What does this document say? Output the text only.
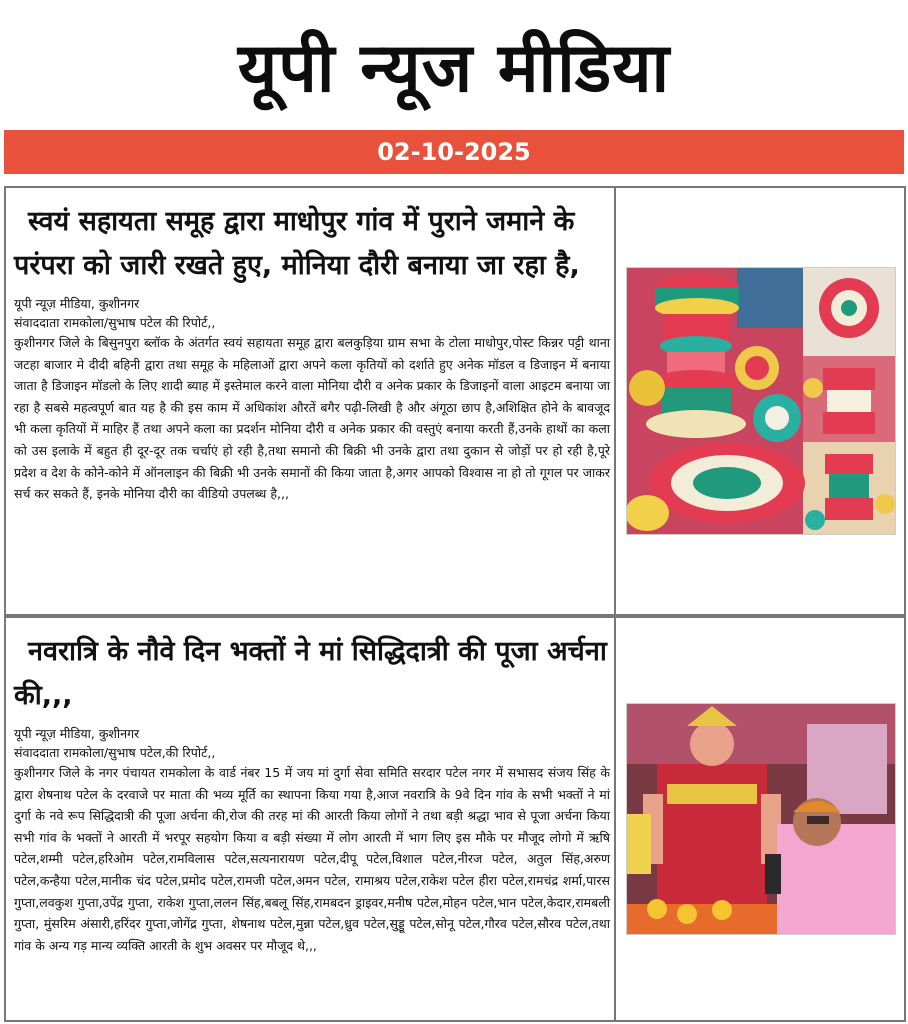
यूपी न्यूज मीडिया
02-10-2025
स्वयं सहायता समूह द्वारा माधोपुर गांव में पुराने जमाने के परंपरा को जारी रखते हुए, मोनिया दौरी बनाया जा रहा है,
यूपी न्यूज़ मीडिया, कुशीनगर
संवाददाता रामकोला/सुभाष पटेल की रिपोर्ट,,
कुशीनगर जिले के बिसुनपुरा ब्लॉक के अंतर्गत स्वयं सहायता समूह द्वारा बलकुड़िया ग्राम सभा के टोला माधोपुर,पोस्ट किन्नर पट्टी थाना जटहा बाजार मे दीदी बहिनी द्वारा तथा समूह के महिलाओं द्वारा अपने कला कृतियों को दर्शाते हुए अनेक मॉडल व डिजाइन में बनाया जाता है डिजाइन मॉडलो के लिए शादी ब्याह में इस्तेमाल करने वाला मोनिया दौरी व अनेक प्रकार के डिजाइनों वाला आइटम बनाया जा रहा है सबसे महत्वपूर्ण बात यह है की इस काम में अधिकांश औरतें बगैर पढ़ी-लिखी है और अंगूठा छाप है,अशिक्षित होने के बावजूद भी कला कृतियों में माहिर हैं तथा अपने कला का प्रदर्शन मोनिया दौरी व अनेक प्रकार की वस्तुएं बनाया करती हैं,उनके हाथों का कला को उस इलाके में बहुत ही दूर-दूर तक चर्चाएं हो रही है,तथा समानो की बिक्री भी उनके द्वारा तथा दुकान से जोड़ों पर हो रही है,पूरे प्रदेश व देश के कोने-कोने में ऑनलाइन की बिक्री भी उनके समानों की किया जाता है,अगर आपको विश्वास ना हो तो गूगल पर जाकर सर्च कर सकते हैं, इनके मोनिया दौरी का वीडियो उपलब्ध है,,,
नवरात्रि के नौवे दिन भक्तों ने मां सिद्धिदात्री की पूजा अर्चना की,,,
यूपी न्यूज़ मीडिया, कुशीनगर
संवाददाता रामकोला/सुभाष पटेल,की रिपोर्ट,,
कुशीनगर जिले के नगर पंचायत रामकोला के वार्ड नंबर 15 में जय मां दुर्गा सेवा समिति सरदार पटेल नगर में सभासद संजय सिंह के द्वारा शेषनाथ पटेल के दरवाजे पर माता की भव्य मूर्ति का स्थापना किया गया है,आज नवरात्रि के 9वे दिन गांव के सभी भक्तों ने मां दुर्गा के नवे रूप सिद्धिदात्री की पूजा अर्चना की,रोज की तरह मां की आरती किया लोगों ने तथा बड़ी श्रद्धा भाव से पूजा अर्चना किया सभी गांव के भक्तों ने आरती में भरपूर सहयोग किया व बड़ी संख्या में लोग आरती में भाग लिए इस मौके पर मौजूद लोगो में ऋषि पटेल,शम्मी पटेल,हरिओम पटेल,रामविलास पटेल,सत्यनारायण पटेल,दीपू पटेल,विशाल पटेल,नीरज पटेल, अतुल सिंह,अरुण पटेल,कन्हैया पटेल,मानीक चंद पटेल,प्रमोद पटेल,रामजी पटेल,अमन पटेल, रामाश्रय पटेल,राकेश पटेल हीरा पटेल,रामचंद्र शर्मा,पारस गुप्ता,लवकुश गुप्ता,उपेंद्र गुप्ता, राकेश गुप्ता,ललन सिंह,बबलू सिंह,रामबदन ड्राइवर,मनीष पटेल,मोहन पटेल,भान पटेल,केदार,रामबली गुप्ता, मुंसरिम अंसारी,हरिंदर गुप्ता,जोगेंद्र गुप्ता, शेषनाथ पटेल,मुन्ना पटेल,ध्रुव पटेल,सुड्डू पटेल,सोनू पटेल,गौरव पटेल,सौरव पटेल,तथा गांव के अन्य गड़ मान्य व्यक्ति आरती के शुभ अवसर पर मौजूद थे,,,
